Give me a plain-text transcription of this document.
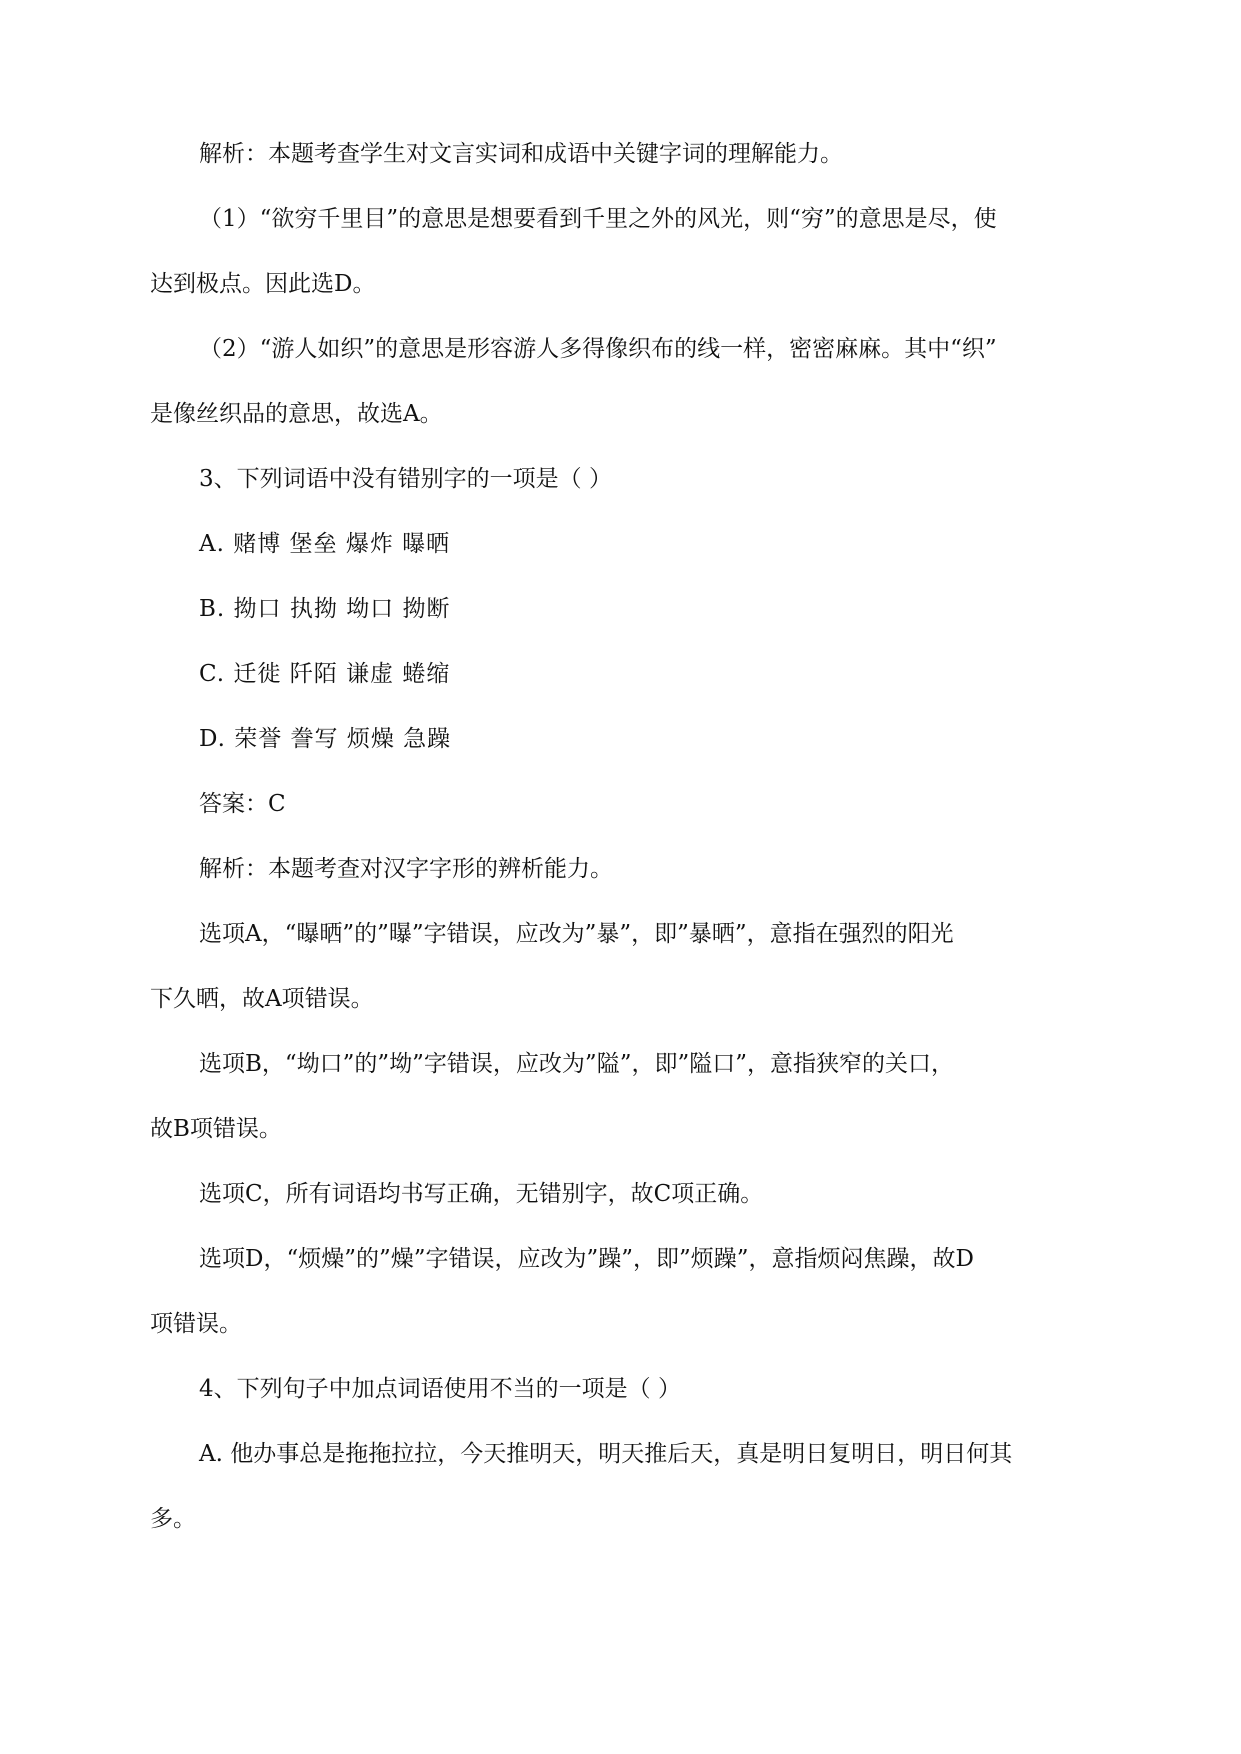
解析：本题考查学生对文言实词和成语中关键字词的理解能力。
（1）“欲穷千里目”的意思是想要看到千里之外的风光，则“穷”的意思是尽，使
达到极点。因此选D。
（2）“游人如织”的意思是形容游人多得像织布的线一样，密密麻麻。其中“织”
是像丝织品的意思，故选A。
3、下列词语中没有错别字的一项是（ ）
A. 赌博 堡垒 爆炸 曝晒
B. 拗口 执拗 坳口 拗断
C. 迁徙 阡陌 谦虚 蜷缩
D. 荣誉 誊写 烦燥 急躁
答案：C
解析：本题考查对汉字字形的辨析能力。
选项A，“曝晒”的”曝”字错误，应改为”暴”，即”暴晒”，意指在强烈的阳光
下久晒，故A项错误。
选项B，“坳口”的”坳”字错误，应改为”隘”，即”隘口”，意指狭窄的关口，
故B项错误。
选项C，所有词语均书写正确，无错别字，故C项正确。
选项D，“烦燥”的”燥”字错误，应改为”躁”，即”烦躁”，意指烦闷焦躁，故D
项错误。
4、下列句子中加点词语使用不当的一项是（ ）
A. 他办事总是拖拖拉拉，今天推明天，明天推后天，真是明日复明日，明日何其
多。
